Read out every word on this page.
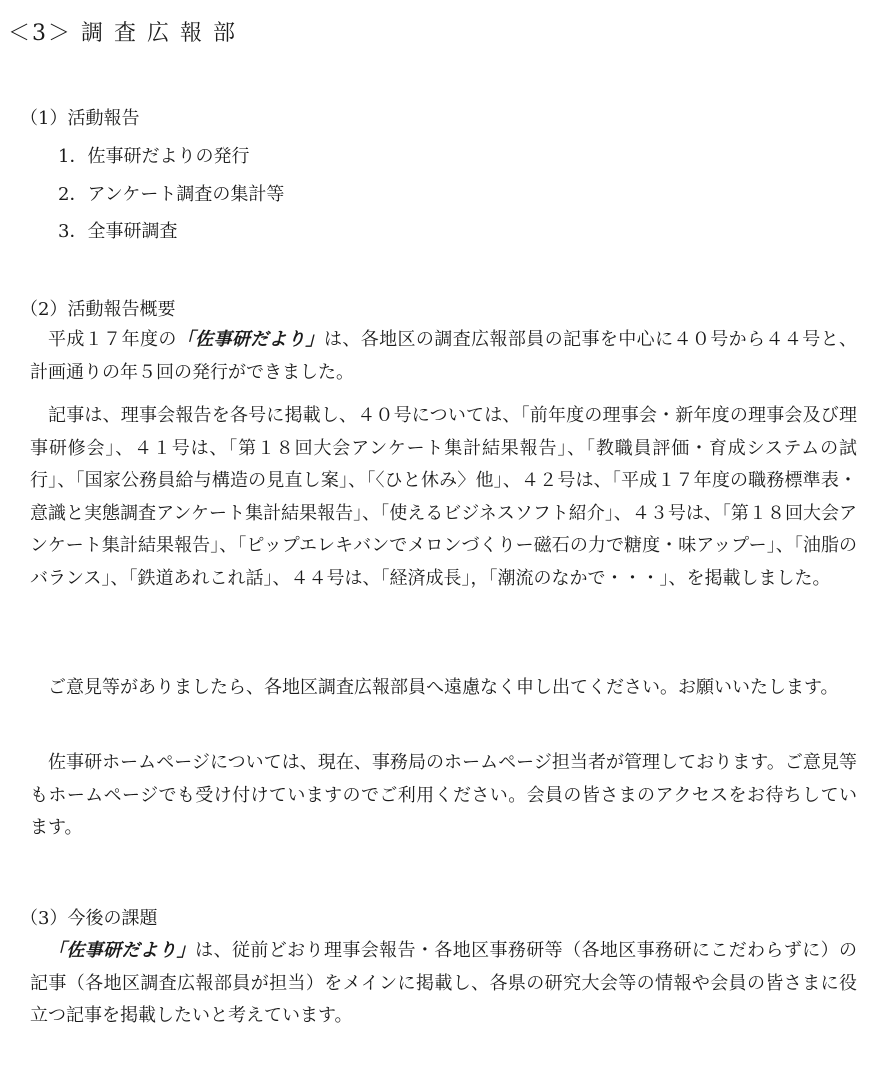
＜3＞ 調 査 広 報 部
（1）活動報告
1．佐事研だよりの発行
2．アンケート調査の集計等
3．全事研調査
（2）活動報告概要
平成１７年度の「佐事研だより」は、各地区の調査広報部員の記事を中心に４０号から４４号と、計画通りの年５回の発行ができました。
記事は、理事会報告を各号に掲載し、４０号については、「前年度の理事会・新年度の理事会及び理事研修会」、４１号は、「第１８回大会アンケート集計結果報告」、「教職員評価・育成システムの試行」、「国家公務員給与構造の見直し案」、「〈ひと休み〉他」、４２号は、「平成１７年度の職務標準表・意識と実態調査アンケート集計結果報告」、「使えるビジネスソフト紹介」、４３号は、「第１８回大会アンケート集計結果報告」、「ピップエレキバンでメロンづくりー磁石の力で糖度・味アップー」、「油脂のバランス」、「鉄道あれこれ話」、４４号は、「経済成長」，「潮流のなかで・・・」、を掲載しました。
ご意見等がありましたら、各地区調査広報部員へ遠慮なく申し出てください。お願いいたします。
佐事研ホームページについては、現在、事務局のホームページ担当者が管理しております。ご意見等もホームページでも受け付けていますのでご利用ください。会員の皆さまのアクセスをお待ちしています。
（3）今後の課題
「佐事研だより」は、従前どおり理事会報告・各地区事務研等（各地区事務研にこだわらずに）の記事（各地区調査広報部員が担当）をメインに掲載し、各県の研究大会等の情報や会員の皆さまに役立つ記事を掲載したいと考えています。
